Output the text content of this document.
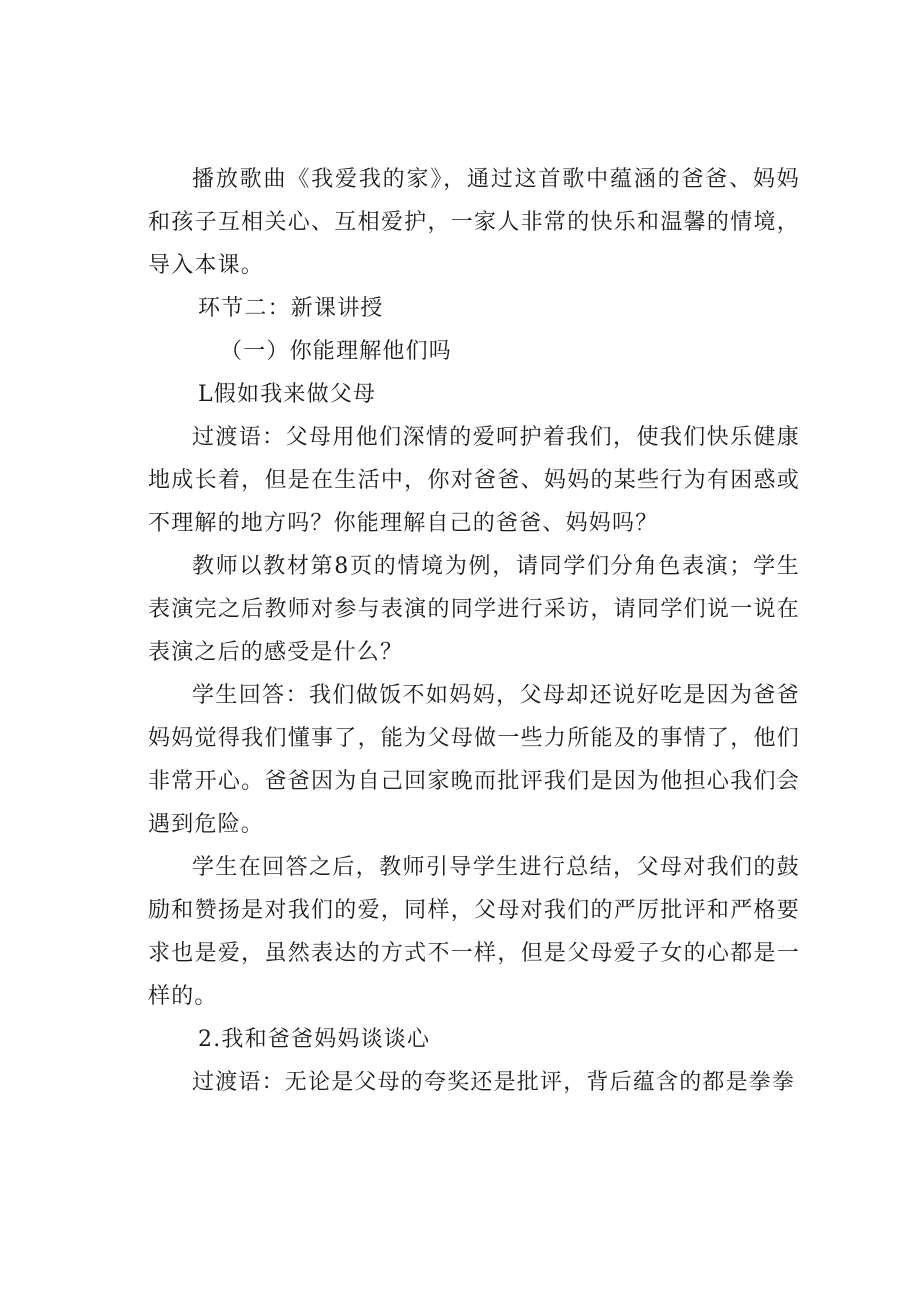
播放歌曲《我爱我的家》，通过这首歌中蕴涵的爸爸、妈妈和孩子互相关心、互相爱护，一家人非常的快乐和温馨的情境，导入本课。

环节二：新课讲授

（一）你能理解他们吗

L假如我来做父母

过渡语：父母用他们深情的爱呵护着我们，使我们快乐健康地成长着，但是在生活中，你对爸爸、妈妈的某些行为有困惑或不理解的地方吗？你能理解自己的爸爸、妈妈吗？

教师以教材第8页的情境为例，请同学们分角色表演；学生表演完之后教师对参与表演的同学进行采访，请同学们说一说在表演之后的感受是什么？

学生回答：我们做饭不如妈妈，父母却还说好吃是因为爸爸妈妈觉得我们懂事了，能为父母做一些力所能及的事情了，他们非常开心。爸爸因为自己回家晚而批评我们是因为他担心我们会遇到危险。

学生在回答之后，教师引导学生进行总结，父母对我们的鼓励和赞扬是对我们的爱，同样，父母对我们的严厉批评和严格要求也是爱，虽然表达的方式不一样，但是父母爱子女的心都是一样的。

2.我和爸爸妈妈谈谈心

过渡语：无论是父母的夸奖还是批评，背后蕴含的都是拳拳
